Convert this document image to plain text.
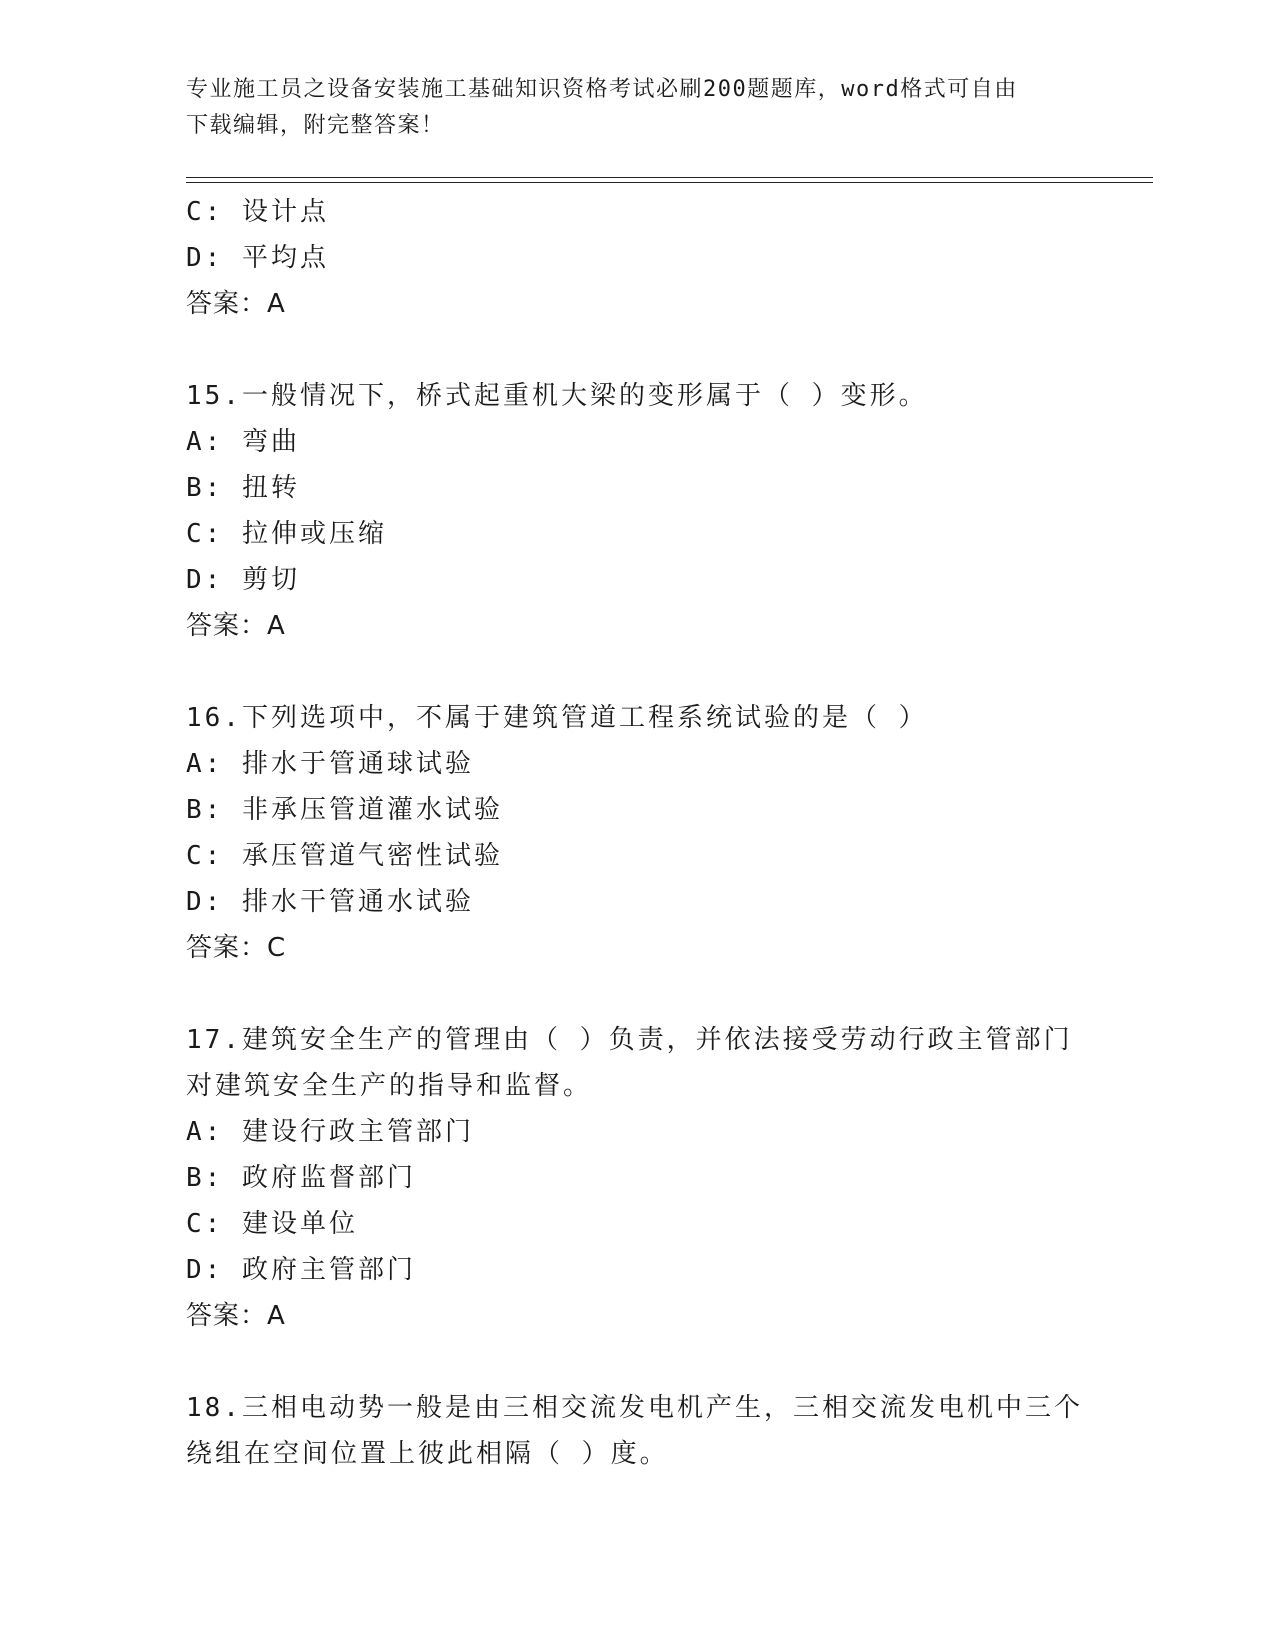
专业施工员之设备安装施工基础知识资格考试必刷200题题库，word格式可自由
下载编辑，附完整答案！
C: 设计点
D: 平均点
答案：A
15.一般情况下，桥式起重机大梁的变形属于（ ）变形。
A: 弯曲
B: 扭转
C: 拉伸或压缩
D: 剪切
答案：A
16.下列选项中，不属于建筑管道工程系统试验的是（ ）
A: 排水于管通球试验
B: 非承压管道灌水试验
C: 承压管道气密性试验
D: 排水干管通水试验
答案：C
17.建筑安全生产的管理由（ ）负责，并依法接受劳动行政主管部门
对建筑安全生产的指导和监督。
A: 建设行政主管部门
B: 政府监督部门
C: 建设单位
D: 政府主管部门
答案：A
18.三相电动势一般是由三相交流发电机产生，三相交流发电机中三个
绕组在空间位置上彼此相隔（ ）度。
